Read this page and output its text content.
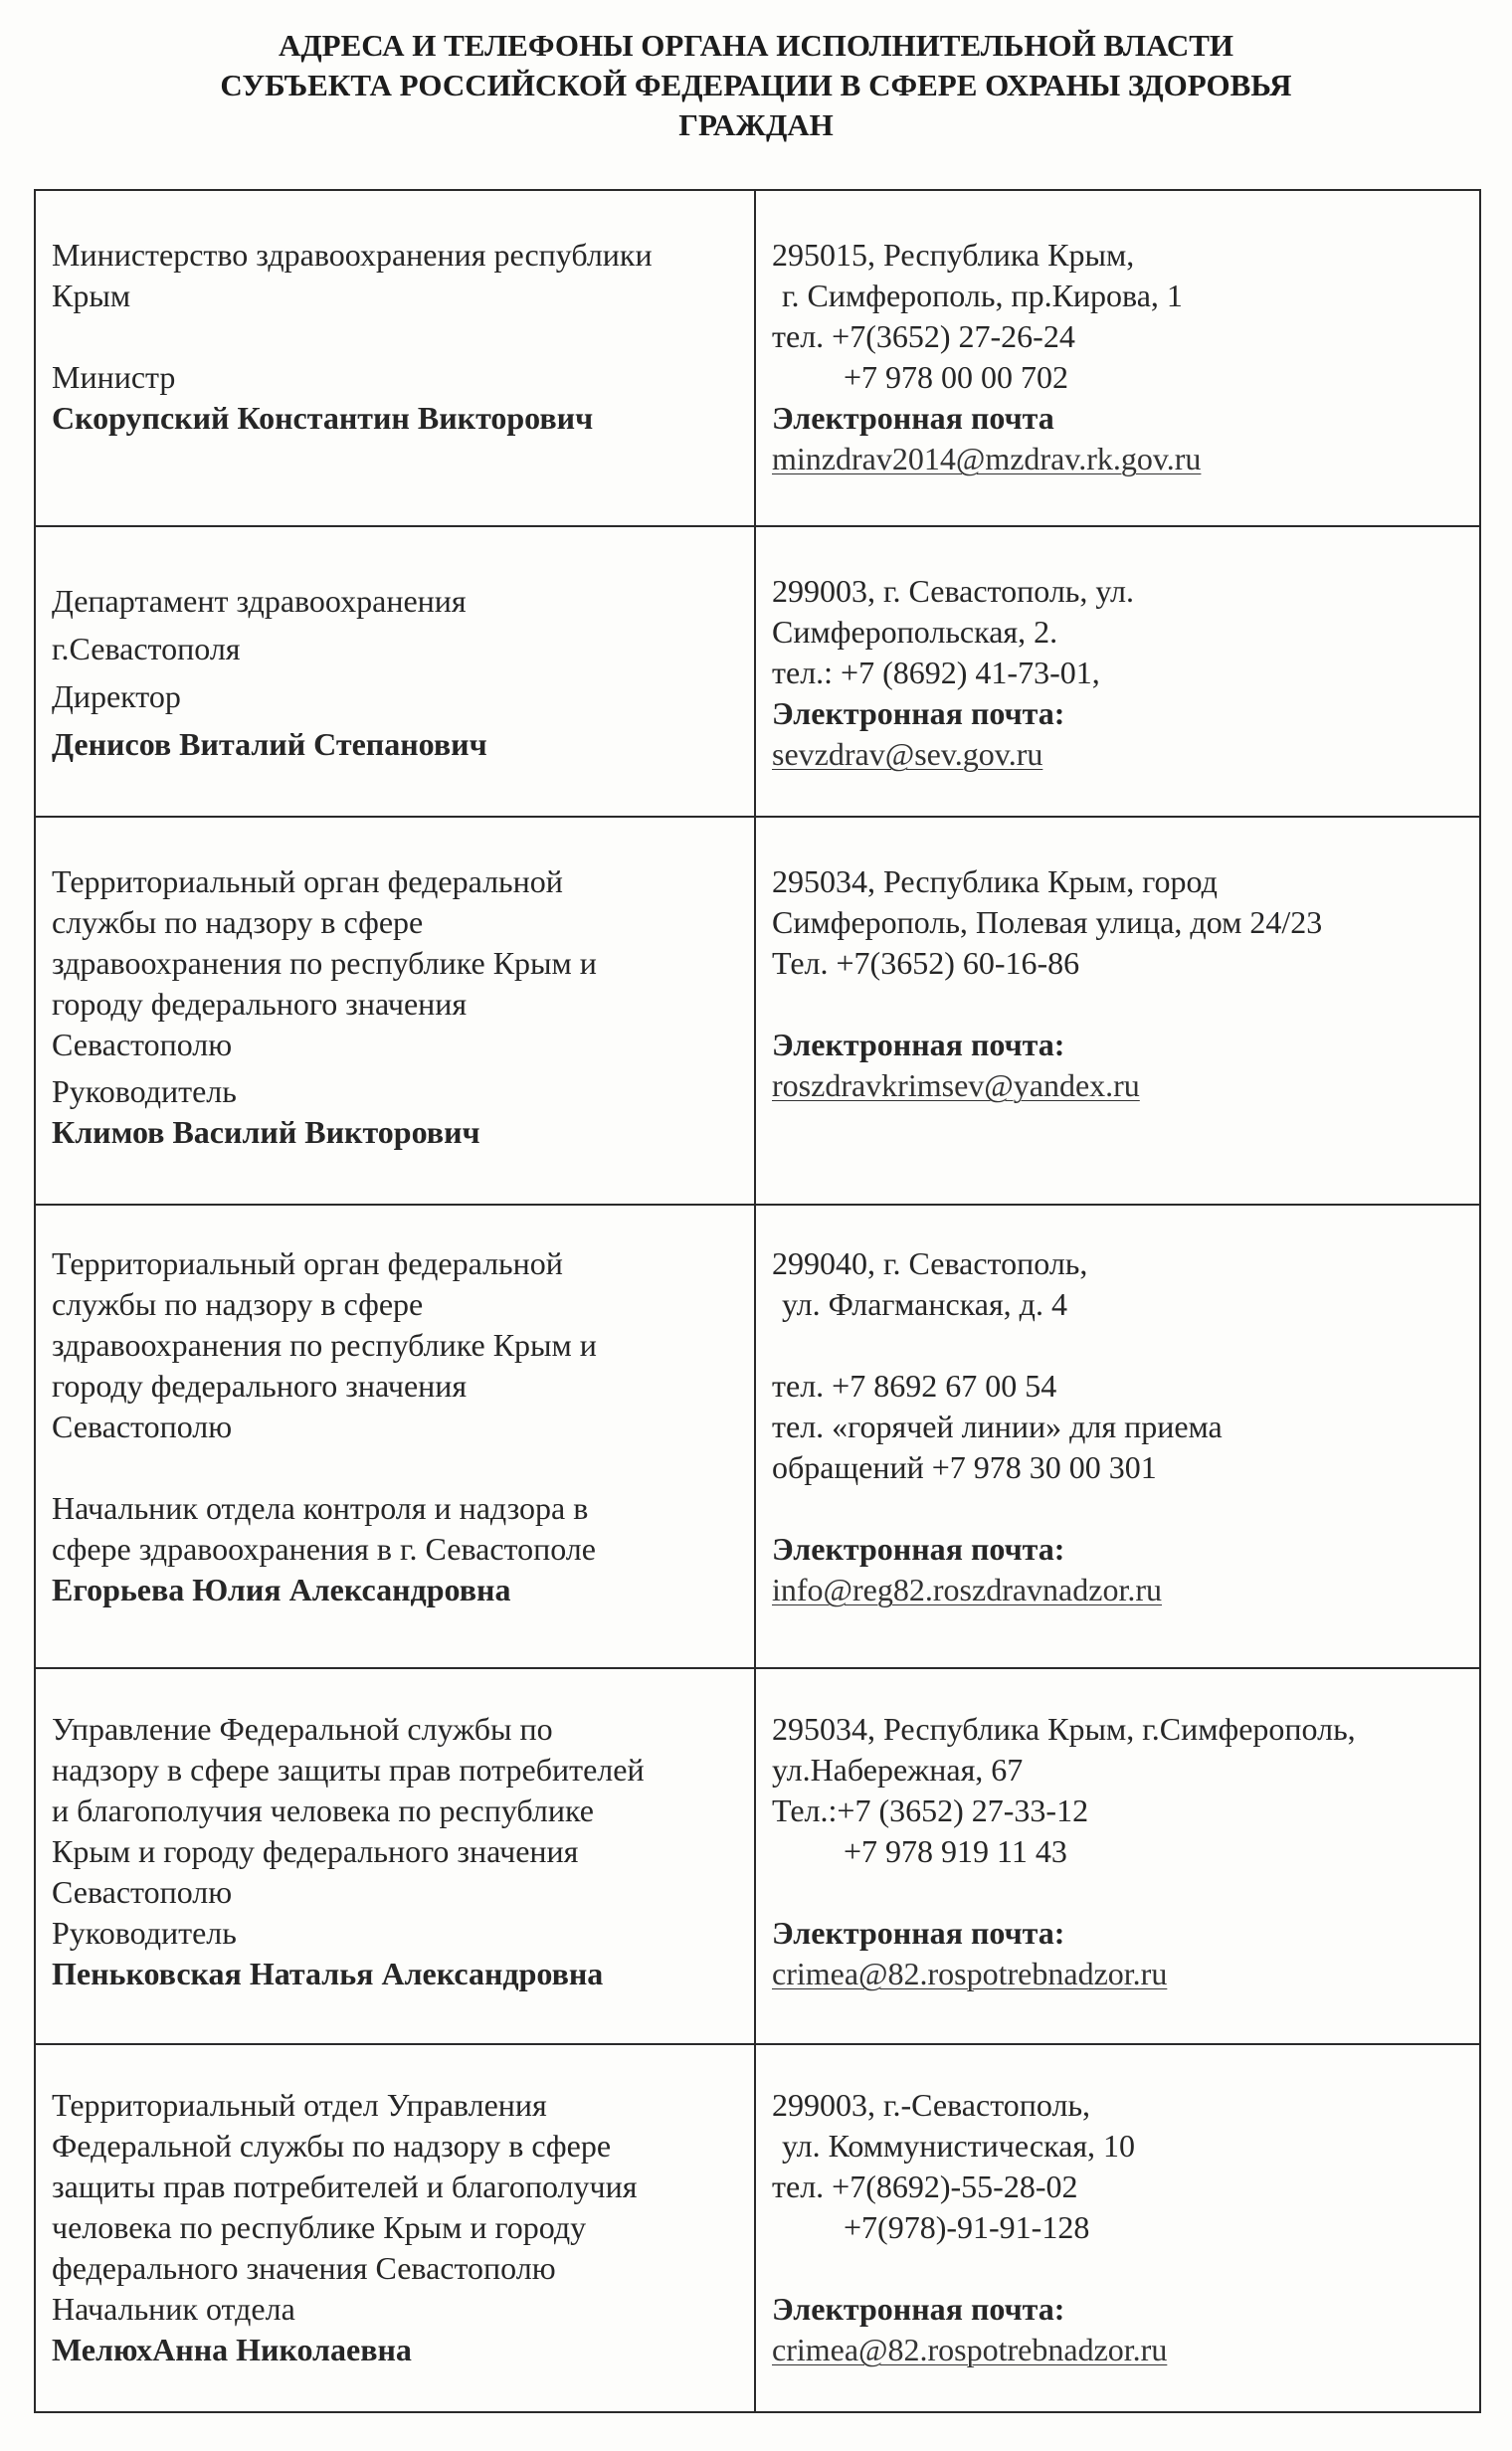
АДРЕСА И ТЕЛЕФОНЫ ОРГАНА ИСПОЛНИТЕЛЬНОЙ ВЛАСТИ
СУБЪЕКТА РОССИЙСКОЙ ФЕДЕРАЦИИ В СФЕРЕ ОХРАНЫ ЗДОРОВЬЯ
ГРАЖДАН
Министерство здравоохранения республики
Крым
Министр
Скорупский Константин Викторович
295015, Республика Крым,
г. Симферополь, пр.Кирова, 1
тел. +7(3652) 27-26-24
+7 978 00 00 702
Электронная почта
minzdrav2014@mzdrav.rk.gov.ru
Департамент здравоохранения
г.Севастополя
Директор
Денисов Виталий Степанович
299003, г. Севастополь, ул.
Симферопольская, 2.
тел.: +7 (8692) 41-73-01,
Электронная почта:
sevzdrav@sev.gov.ru
Территориальный орган федеральной
службы по надзору в сфере
здравоохранения по республике Крым и
городу федерального значения
Севастополю
Руководитель
Климов Василий Викторович
295034, Республика Крым, город
Симферополь, Полевая улица, дом 24/23
Тел. +7(3652) 60-16-86
Электронная почта:
roszdravkrimsev@yandex.ru
Территориальный орган федеральной
службы по надзору в сфере
здравоохранения по республике Крым и
городу федерального значения
Севастополю
Начальник отдела контроля и надзора в
сфере здравоохранения в г. Севастополе
Егорьева Юлия Александровна
299040, г. Севастополь,
ул. Флагманская, д. 4
тел. +7 8692 67 00 54
тел. «горячей линии» для приема
обращений +7 978 30 00 301
Электронная почта:
info@reg82.roszdravnadzor.ru
Управление Федеральной службы по
надзору в сфере защиты прав потребителей
и благополучия человека по республике
Крым и городу федерального значения
Севастополю
Руководитель
Пеньковская Наталья Александровна
295034, Республика Крым, г.Симферополь,
ул.Набережная, 67
Тел.:+7 (3652) 27-33-12
+7 978 919 11 43
Электронная почта:
crimea@82.rospotrebnadzor.ru
Территориальный отдел Управления
Федеральной службы по надзору в сфере
защиты прав потребителей и благополучия
человека по республике Крым и городу
федерального значения Севастополю
Начальник отдела
МелюхАнна Николаевна
299003, г.-Севастополь,
ул. Коммунистическая, 10
тел. +7(8692)-55-28-02
+7(978)-91-91-128
Электронная почта:
crimea@82.rospotrebnadzor.ru
